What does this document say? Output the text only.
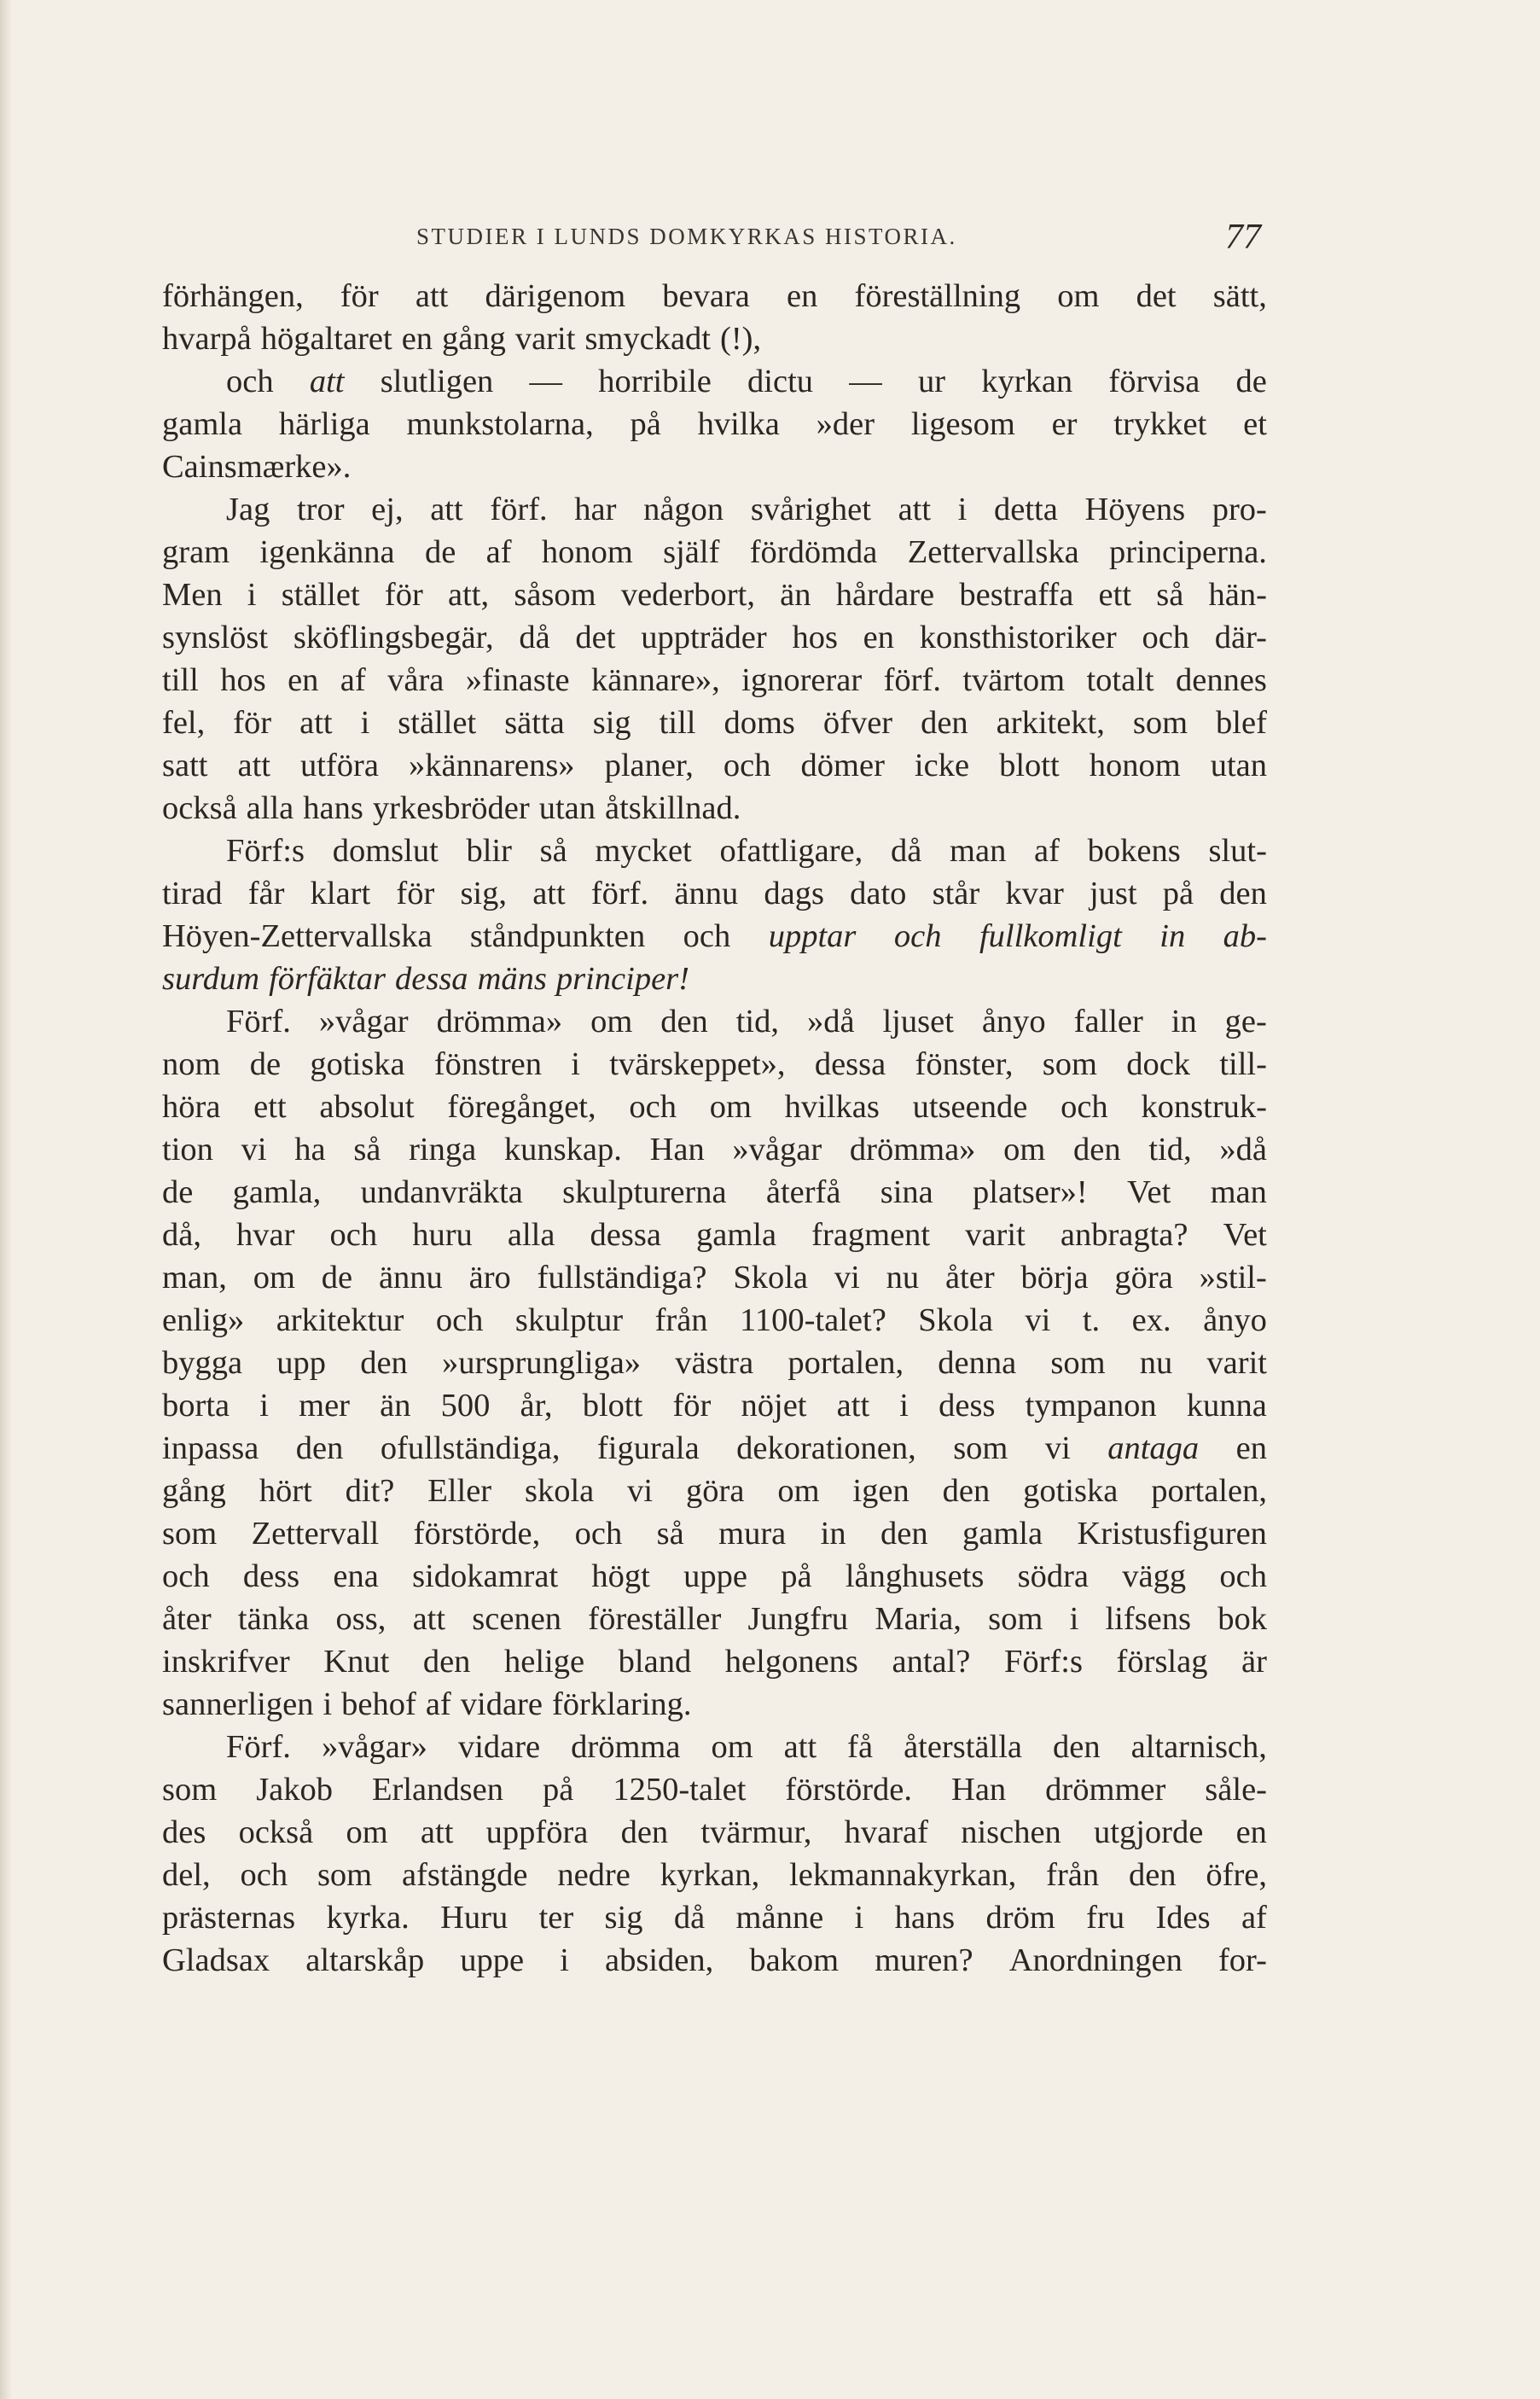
STUDIER I LUNDS DOMKYRKAS HISTORIA.	77
förhängen, för att därigenom bevara en föreställning om det sätt,
hvarpå högaltaret en gång varit smyckadt (!),
och att slutligen — horribile dictu — ur kyrkan förvisa de
gamla härliga munkstolarna, på hvilka »der ligesom er trykket et
Cainsmærke».
Jag tror ej, att förf. har någon svårighet att i detta Höyens pro-
gram igenkänna de af honom själf fördömda Zettervallska principerna.
Men i stället för att, såsom vederbort, än hårdare bestraffa ett så hän-
synslöst sköflingsbegär, då det uppträder hos en konsthistoriker och där-
till hos en af våra »finaste kännare», ignorerar förf. tvärtom totalt dennes
fel, för att i stället sätta sig till doms öfver den arkitekt, som blef
satt att utföra »kännarens» planer, och dömer icke blott honom utan
också alla hans yrkesbröder utan åtskillnad.
Förf:s domslut blir så mycket ofattligare, då man af bokens slut-
tirad får klart för sig, att förf. ännu dags dato står kvar just på den
Höyen-Zettervallska ståndpunkten och upptar och fullkomligt in ab-
surdum förfäktar dessa mäns principer!
Förf. »vågar drömma» om den tid, »då ljuset ånyo faller in ge-
nom de gotiska fönstren i tvärskeppet», dessa fönster, som dock till-
höra ett absolut föregånget, och om hvilkas utseende och konstruk-
tion vi ha så ringa kunskap. Han »vågar drömma» om den tid, »då
de gamla, undanvräkta skulpturerna återfå sina platser»! Vet man
då, hvar och huru alla dessa gamla fragment varit anbragta? Vet
man, om de ännu äro fullständiga? Skola vi nu åter börja göra »stil-
enlig» arkitektur och skulptur från 1100-talet? Skola vi t. ex. ånyo
bygga upp den »ursprungliga» västra portalen, denna som nu varit
borta i mer än 500 år, blott för nöjet att i dess tympanon kunna
inpassa den ofullständiga, figurala dekorationen, som vi antaga en
gång hört dit? Eller skola vi göra om igen den gotiska portalen,
som Zettervall förstörde, och så mura in den gamla Kristusfiguren
och dess ena sidokamrat högt uppe på långhusets södra vägg och
åter tänka oss, att scenen föreställer Jungfru Maria, som i lifsens bok
inskrifver Knut den helige bland helgonens antal? Förf:s förslag är
sannerligen i behof af vidare förklaring.
Förf. »vågar» vidare drömma om att få återställa den altarnisch,
som Jakob Erlandsen på 1250-talet förstörde. Han drömmer såle-
des också om att uppföra den tvärmur, hvaraf nischen utgjorde en
del, och som afstängde nedre kyrkan, lekmannakyrkan, från den öfre,
prästernas kyrka. Huru ter sig då månne i hans dröm fru Ides af
Gladsax altarskåp uppe i absiden, bakom muren? Anordningen for-
